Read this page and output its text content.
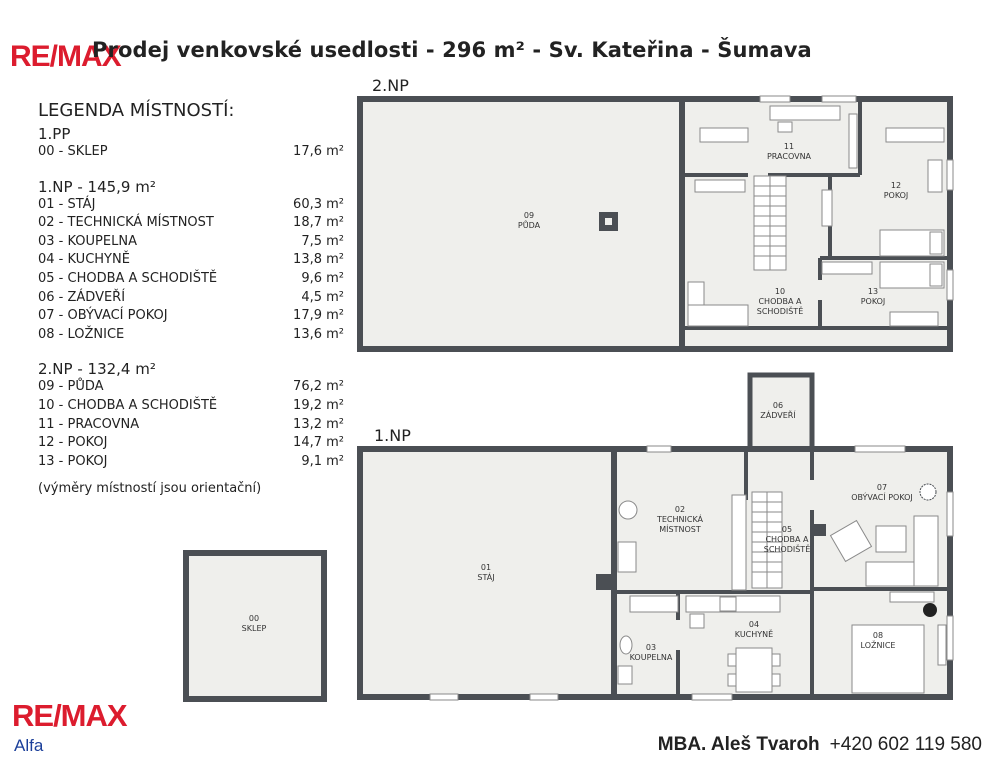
RE/MAX
Prodej venkovské usedlosti - 296 m² - Sv. Kateřina - Šumava
LEGENDA MÍSTNOSTÍ:
1.PP
00 - SKLEP	17,6 m²
1.NP - 145,9 m²
01 - STÁJ	60,3 m²
02 - TECHNICKÁ MÍSTNOST	18,7 m²
03 - KOUPELNA	7,5 m²
04 - KUCHYNĚ	13,8 m²
05 - CHODBA A SCHODIŠTĚ	9,6 m²
06 - ZÁDVEŘÍ	4,5 m²
07 - OBÝVACÍ POKOJ	17,9 m²
08 - LOŽNICE	13,6 m²
2.NP - 132,4 m²
09 - PŮDA	76,2 m²
10 - CHODBA A SCHODIŠTĚ	19,2 m²
11 - PRACOVNA	13,2 m²
12 - POKOJ	14,7 m²
13 - POKOJ	9,1 m²
(výměry místností jsou orientační)
2.NP
1.NP
00 SKLEP
01 STÁJ
02 TECHNICKÁ MÍSTNOST
03 KOUPELNA
04 KUCHYNĚ
05 CHODBA A SCHODIŠTĚ
06 ZÁDVEŘÍ
07 OBÝVACÍ POKOJ
08 LOŽNICE
09 PŮDA
10 CHODBA A SCHODIŠTĚ
11 PRACOVNA
12 POKOJ
13 POKOJ
RE/MAX
Alfa	MBA. Aleš Tvaroh +420 602 119 580
